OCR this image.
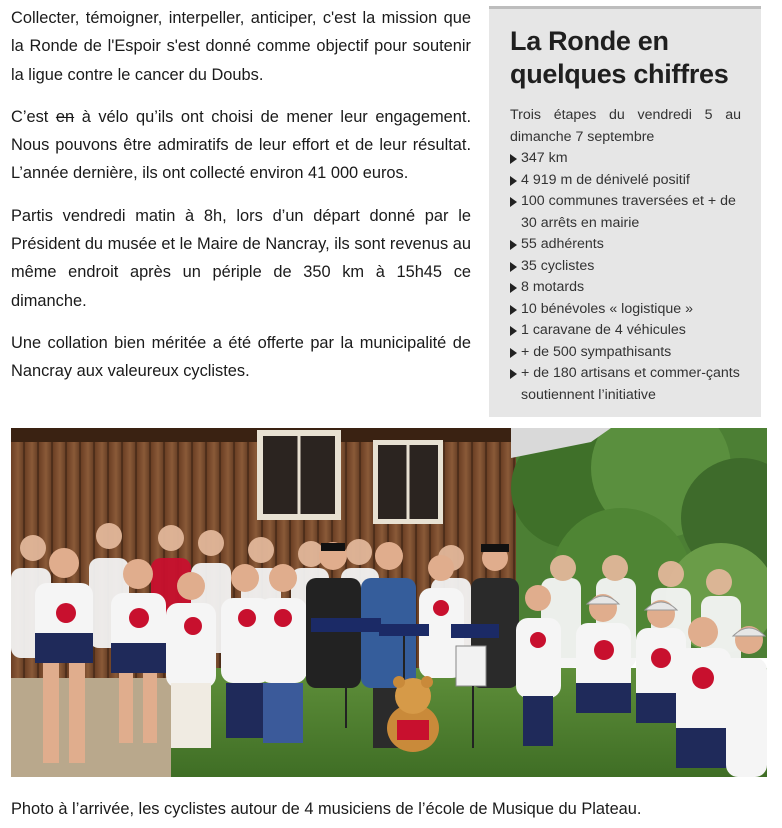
Collecter, témoigner, interpeller, anticiper, c'est la mission que la Ronde de l'Espoir s'est donné comme objectif pour soutenir la ligue contre le cancer du Doubs.

C’est en à vélo qu’ils ont choisi de mener leur engagement. Nous pouvons être admiratifs de leur effort et de leur résultat. L’année dernière, ils ont collecté environ 41 000 euros.

Partis vendredi matin à 8h, lors d’un départ donné par le Président du musée et le Maire de Nancray, ils sont revenus au même endroit après un périple de 350 km à 15h45 ce dimanche.

Une collation bien méritée a été offerte par la municipalité de Nancray aux valeureux cyclistes.

La Ronde en
quelques chiffres

Trois étapes du vendredi 5 au dimanche 7 septembre

347 km
4 919 m de dénivelé positif
100 communes traversées et + de 30 arrêts en mairie
55 adhérents
35 cyclistes
8 motards
10 bénévoles « logistique »
1 caravane de 4 véhicules
+ de 500 sympathisants
+ de 180 artisans et commer-çants soutiennent l’initiative
Photo à l’arrivée, les cyclistes autour de 4 musiciens de l’école de Musique du Plateau.
